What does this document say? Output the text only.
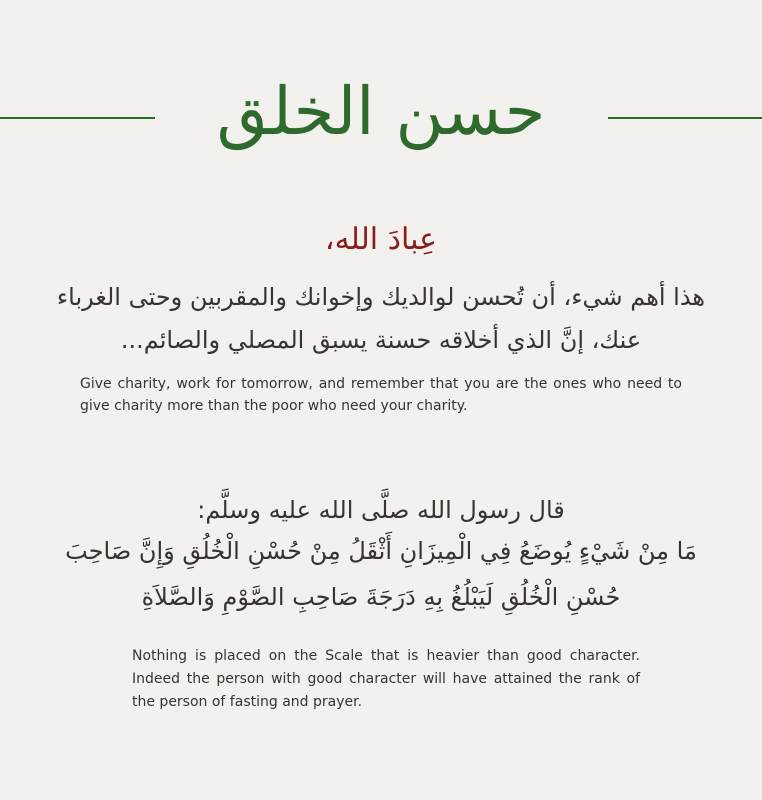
حسن الخلق
عِبادَ الله،
هذا أهم شيء، أن تُحسن لوالديك وإخوانك والمقربين وحتى الغرباء عنك، إنَّ الذي أخلاقه حسنة يسبق المصلي والصائم...
Give charity, work for tomorrow, and remember that you are the ones who need to give charity more than the poor who need your charity.
قال رسول الله صلَّى الله عليه وسلَّم:
مَا مِنْ شَيْءٍ يُوضَعُ فِي الْمِيزَانِ أَثْقَلُ مِنْ حُسْنِ الْخُلُقِ وَإِنَّ صَاحِبَ حُسْنِ الْخُلُقِ لَيَبْلُغُ بِهِ دَرَجَةَ صَاحِبِ الصَّوْمِ وَالصَّلاَةِ
Nothing is placed on the Scale that is heavier than good character. Indeed the person with good character will have attained the rank of the person of fasting and prayer.
